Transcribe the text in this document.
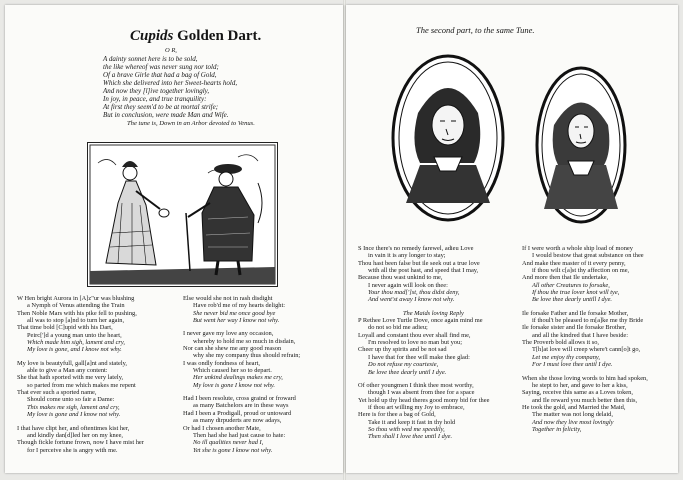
Cupids Golden Dart.
O R,
A dainty sonnet here is to be sold,
the like whereof was never sung nor told;
Of a brave Girle that had a bag of Gold,
Which she delivered into her Sweet-hearts hold,
And now they [l]ive together lovingly,
In joy, in peace, and true tranquility:
At first they seem'd to be at mortal strife;
But in conclusion, were made Man and Wife.
The tune is, Down in an Arbor devoted to Venus.
W Hen bright Aurora in [A]z"ur was blushing
a Nymph of Venus attending the Train
Then Noble Mars with his pike fell to pushing,
all was to stop [a]nd to turn her again,
That time bold [C]upid with his Dart,
Peirc[']d a young man unto the heart,
Which made him sigh, lament and cry,
My love is gone, and I know not why.
My love is beautyfull, gall[a]nt and stately,
able to give a Man any content:
She that hath sported with me very lately,
so parted from me which makes me repent
That ever such a sported name,
Should come unto so fair a Dame:
This makes me sigh, lament and cry,
My love is gone and I know not why.
I that have clipt her, and oftentimes kist her,
and kindly dan[d]led her on my knee,
Though fickle fortune frown, now I have mist her
for I perceive she is angry with me.
Else would she not in rash disdight
Have rob'd me of my hearts delight:
She never bid me once good bye
But went her way I know not why.
I never gave my love any occasion,
whereby to hold me so much in disdain,
Nor can she shew me any good reason
why she my company thus should refrain;
I was ondly fondness of heart,
Which caused her so to depart.
Her unkind dealings makes me cry,
My love is gone I know not why.
Had I been resolute, cross graind or froward
as many Batchelors are in these ways
Had I been a Prodigall, proud or untoward
as many dirpuderts are now adays,
Or had I chosen another Mate,
Then had she had just cause to hate:
No ill qualities never had I,
Yet she is gone I know not why.
The second part, to the same Tune.
S Ince there's no remedy farewel, adieu Love
in vain it is any longer to stay;
Thou hast been false but ile seek out a true love
with all the post hast, and speed that I may,
Because thou wast unkind to me,
I never again will look on thee:
Your thou mad[']st, thou didst deny,
And went'st away I know not why.
The Maids loving Reply
P Rethee Love Turtle Dove, once again mind me
do not so bid me adieu;
Loyall and constant thou ever shall find me,
I'm resolved to love no man but you;
Cheer up thy spirits and be not sad
I have that for thee will make thee glad:
Do not refuse my courtesie,
Be love thee dearly until I dye.
Of other youngmen I think thee most worthy,
though I was absent from thee for a space
Yet hold up thy head theres good mony bid for thee
if thou art willing my Joy to embrace,
Here is for thee a bag of Gold,
Take it and keep it fast in thy hold
So thou with wed me speedily,
Then shall I love thee until I dye.
If I were worth a whole ship load of money
I would bestow that great substance on thee
And make thee master of it every penny,
if thou wilt c[a]st thy affection on me,
And more then that Ile undertake,
All other Creatures to forsake,
If thou the true lover knot will tye,
Be love thee dearly untill I dye.
Ile forsake Father and Ile forsake Mother,
if thoul't be pleased to m[a]ke me thy Bride
Ile forsake sister and Ile forsake Brother,
and all the kindred that I have beside:
The Proverb bold allows it so,
T[h]at love will creep where't cann[o]t go,
Let me enjoy thy company,
For I must love thee until I dye.
When she those loving words to him had spoken,
he stept to her, and gave to her a kiss,
Saying, receive this same as a Loves token,
and Ile reward you much better then this,
He took the gold, and Married the Maid,
The matter was not long delaid,
And now they live most lovingly
Together in felicity,
